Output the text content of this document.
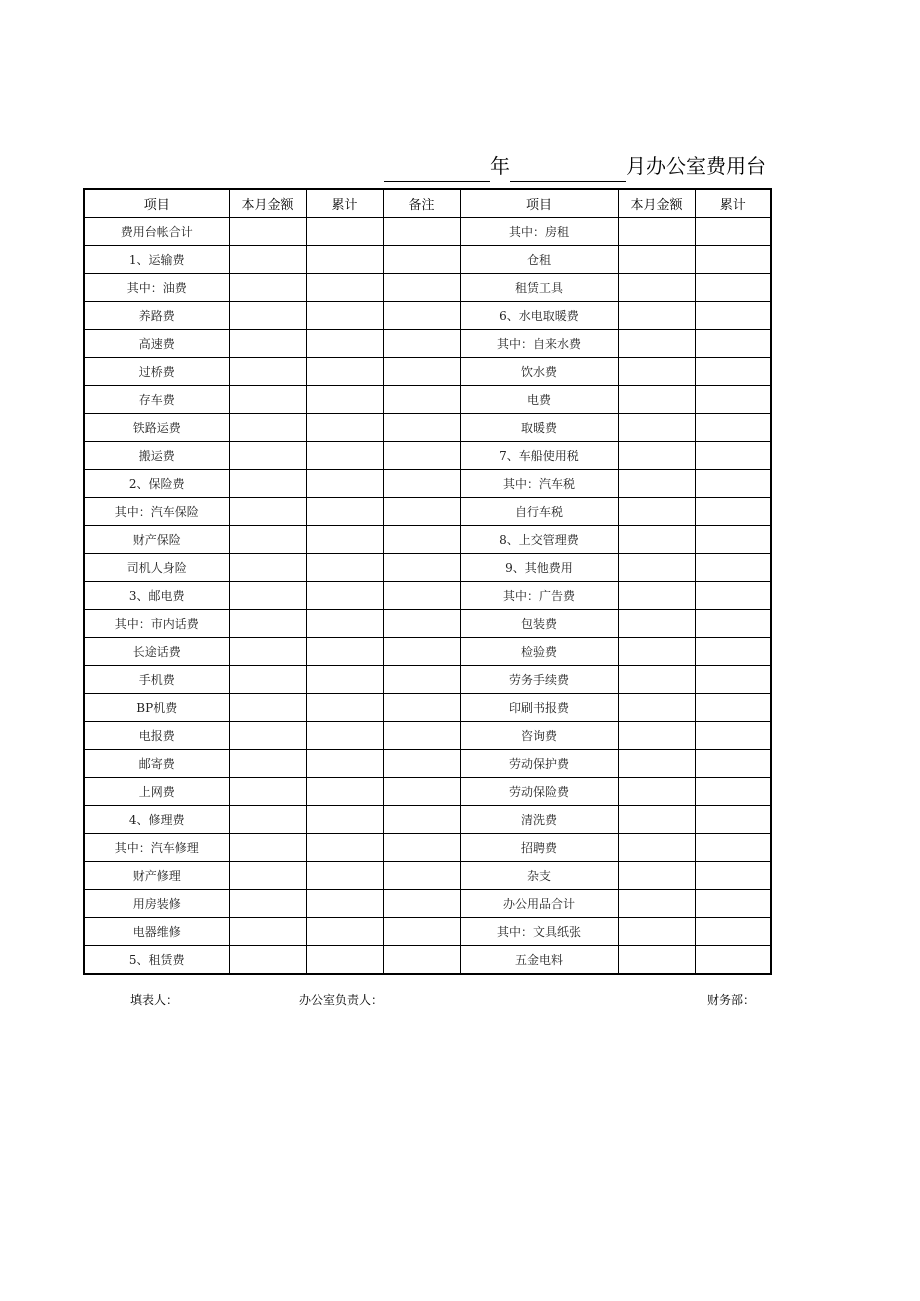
年	月办公室费用台
项目	本月金额	累计	备注	项目	本月金额	累计
费用台帐合计				其中：房租		
1、运输费				仓租		
其中：油费				租赁工具		
养路费				6、水电取暖费		
高速费				其中：自来水费		
过桥费				饮水费		
存车费				电费		
铁路运费				取暖费		
搬运费				7、车船使用税		
2、保险费				其中：汽车税		
其中：汽车保险				自行车税		
财产保险				8、上交管理费		
司机人身险				9、其他费用		
3、邮电费				其中：广告费		
其中：市内话费				包装费		
长途话费				检验费		
手机费				劳务手续费		
BP机费				印刷书报费		
电报费				咨询费		
邮寄费				劳动保护费		
上网费				劳动保险费		
4、修理费				清洗费		
其中：汽车修理				招聘费		
财产修理				杂支		
用房装修				办公用品合计		
电器维修				其中：文具纸张		
5、租赁费				五金电料		
填表人：	办公室负责人：	财务部：
